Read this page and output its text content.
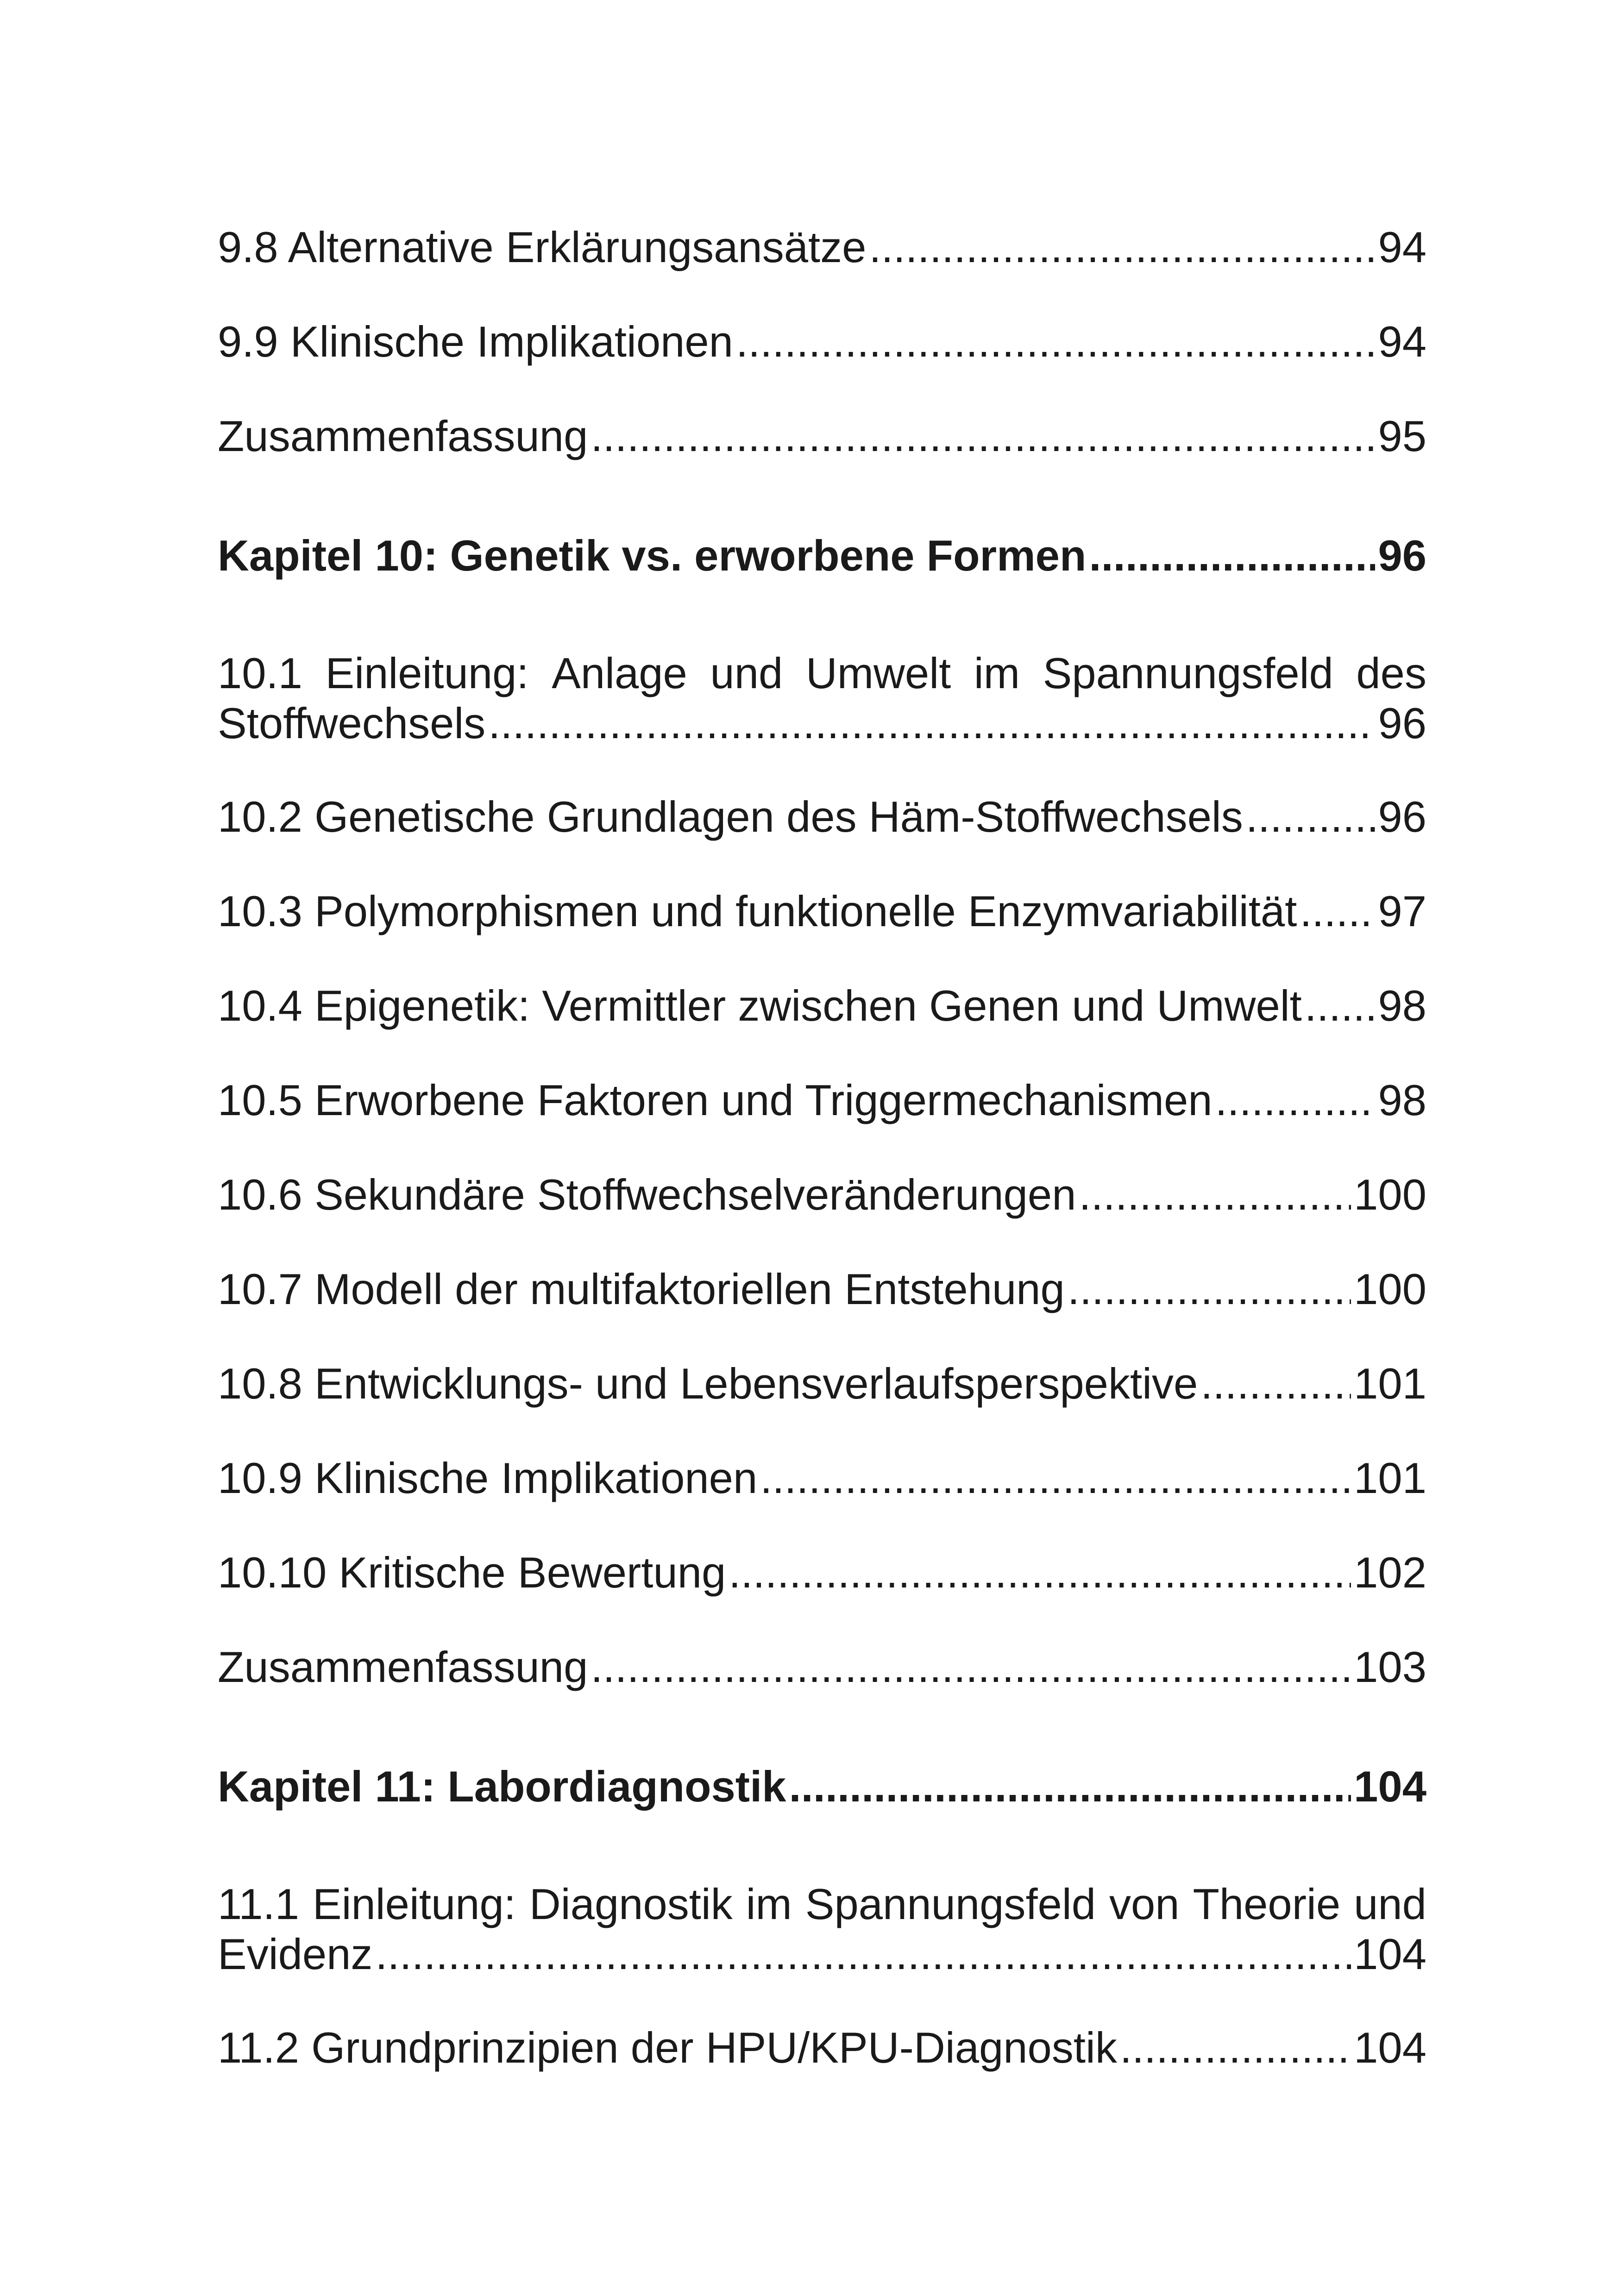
9.8 Alternative Erklärungsansätze .....	94
9.9 Klinische Implikationen .....	94
Zusammenfassung .....	95
Kapitel 10: Genetik vs. erworbene Formen .....	96
10.1 Einleitung: Anlage und Umwelt im Spannungsfeld des
Stoffwechsels .....	96
10.2 Genetische Grundlagen des Häm-Stoffwechsels .....	96
10.3 Polymorphismen und funktionelle Enzymvariabilität ..... 97
10.4 Epigenetik: Vermittler zwischen Genen und Umwelt ..... 98
10.5 Erworbene Faktoren und Triggermechanismen .....	98
10.6 Sekundäre Stoffwechselveränderungen .....	100
10.7 Modell der multifaktoriellen Entstehung .....	100
10.8 Entwicklungs- und Lebensverlaufsperspektive .....	101
10.9 Klinische Implikationen .....	101
10.10 Kritische Bewertung .....	102
Zusammenfassung .....	103
Kapitel 11: Labordiagnostik .....	104
11.1 Einleitung: Diagnostik im Spannungsfeld von Theorie und
Evidenz .....	104
11.2 Grundprinzipien der HPU/KPU-Diagnostik .....	104
